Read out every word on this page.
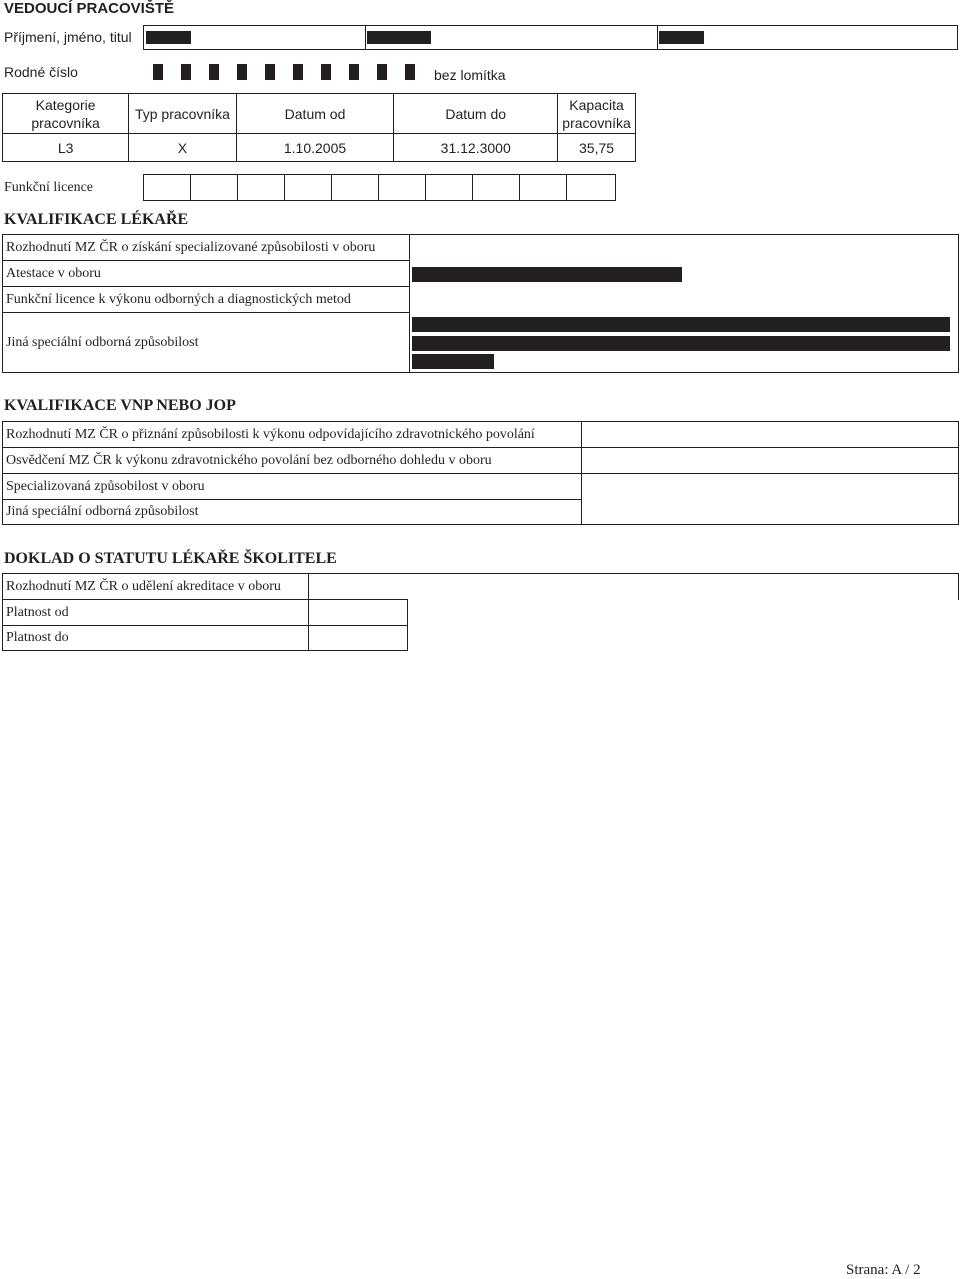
VEDOUCÍ PRACOVIŠTĚ
Příjmení, jméno, titul
Rodné číslo	bez lomítka
Kategorie pracovníka	Typ pracovníka	Datum od	Datum do	Kapacita pracovníka
L3	X	1.10.2005	31.12.3000	35,75
Funkční licence
KVALIFIKACE LÉKAŘE
Rozhodnutí MZ ČR o získání specializované způsobilosti v oboru
Atestace v oboru
Funkční licence k výkonu odborných a diagnostických metod
Jiná speciální odborná způsobilost
KVALIFIKACE VNP NEBO JOP
Rozhodnutí MZ ČR o přiznání způsobilosti k výkonu odpovídajícího zdravotnického povolání
Osvědčení MZ ČR k výkonu zdravotnického povolání bez odborného dohledu v oboru
Specializovaná způsobilost v oboru
Jiná speciální odborná způsobilost
DOKLAD O STATUTU LÉKAŘE ŠKOLITELE
Rozhodnutí MZ ČR o udělení akreditace v oboru
Platnost od
Platnost do
Strana: A / 2
